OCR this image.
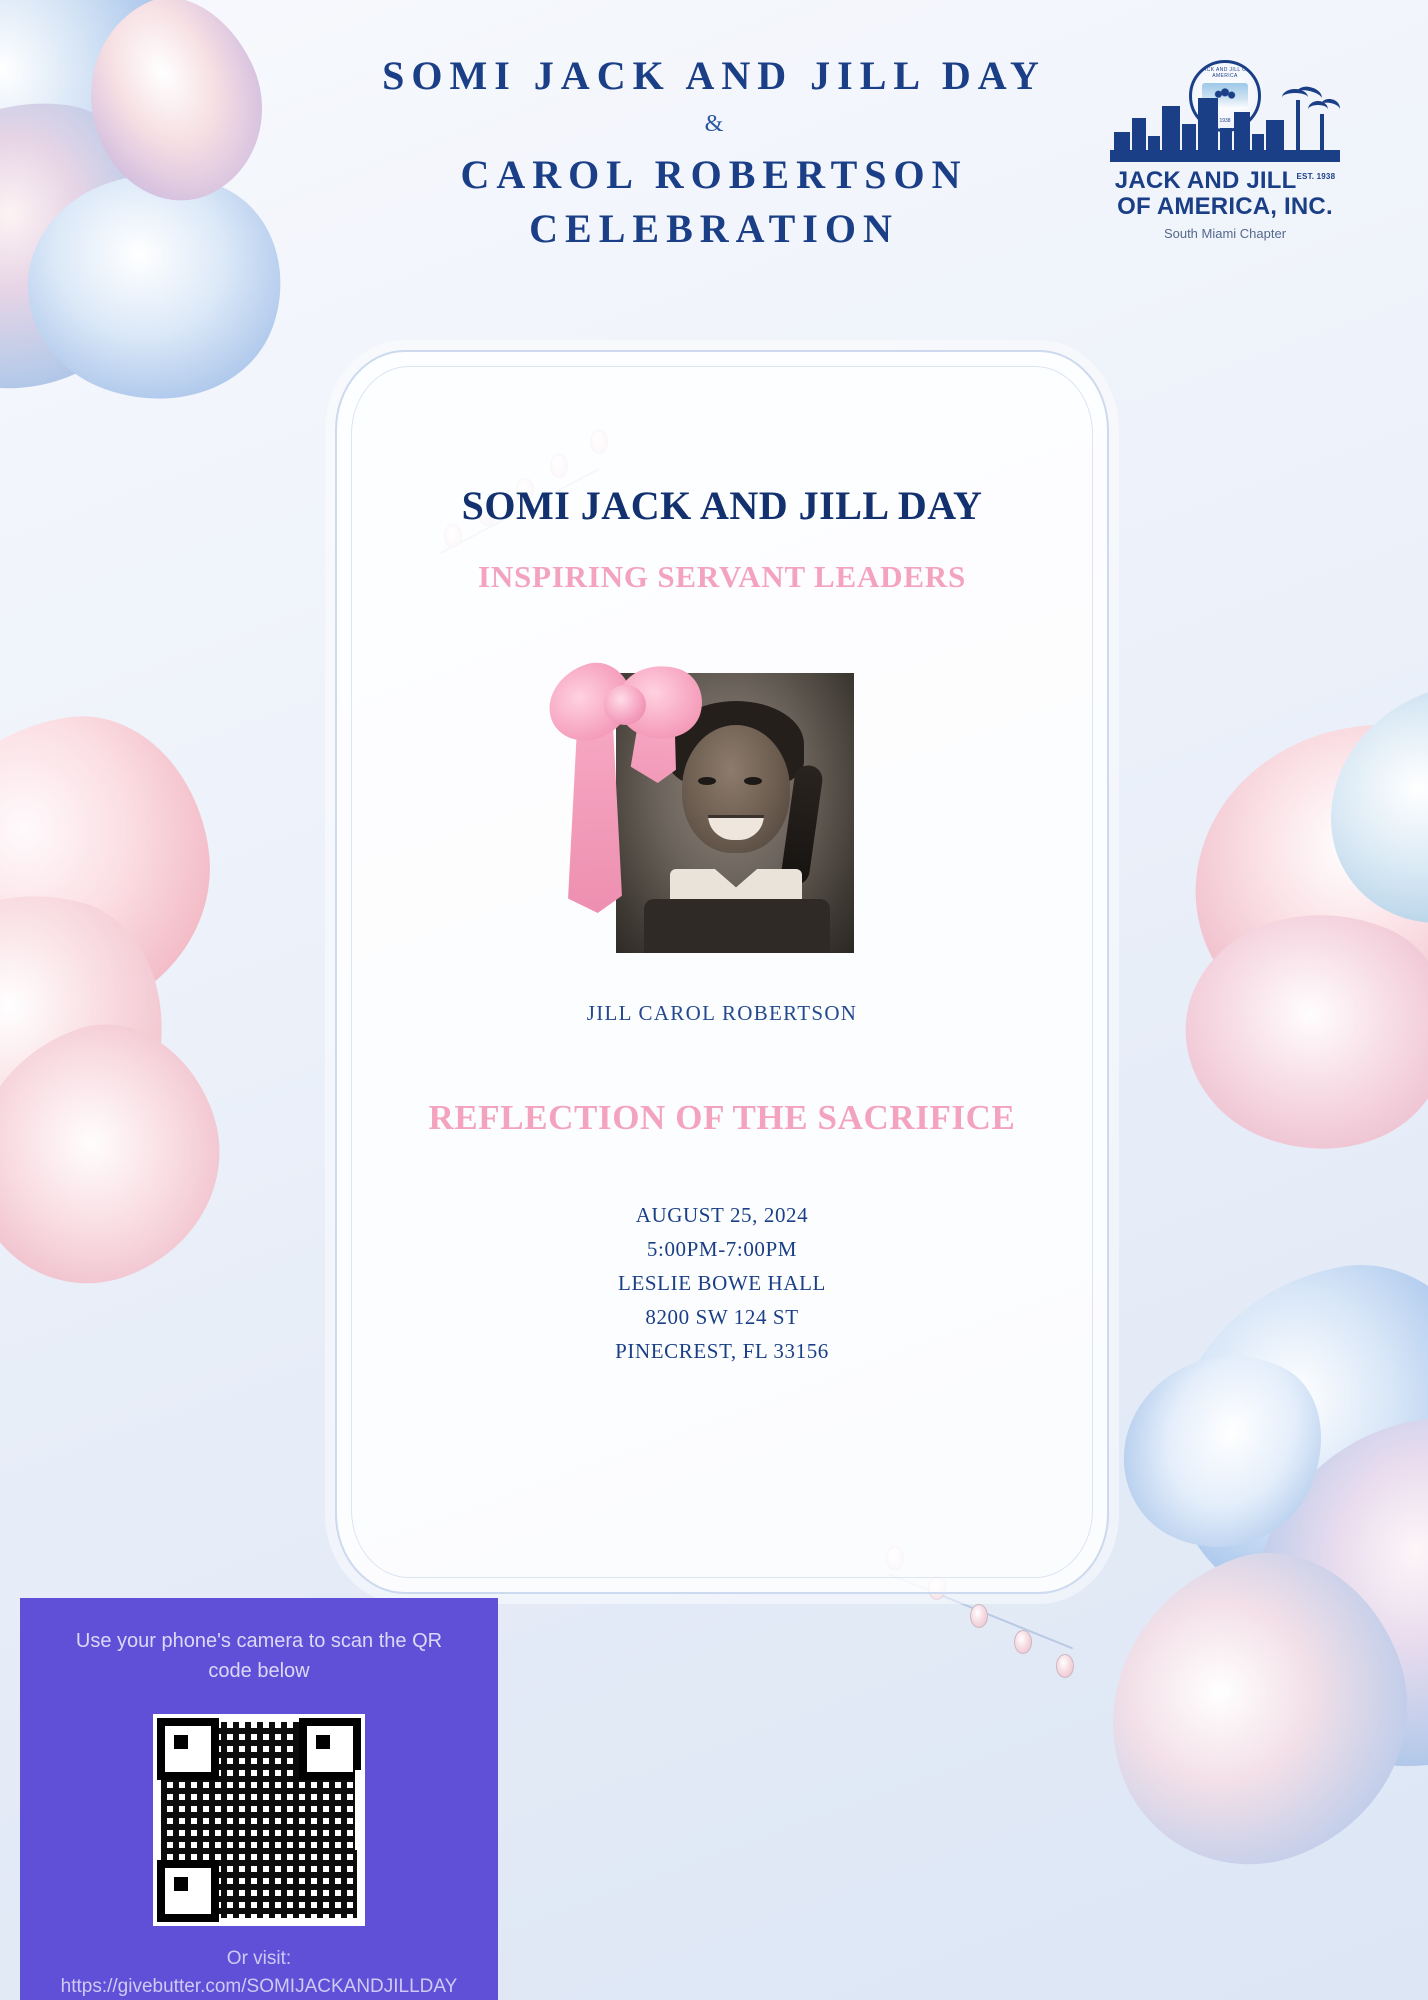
SOMI JACK AND JILL DAY
&
CAROL ROBERTSON
CELEBRATION
JACK AND JILL OF AMERICA
1938
JACK AND JILLEST. 1938
OF AMERICA, INC.
South Miami Chapter
SOMI JACK AND JILL DAY
INSPIRING SERVANT LEADERS
JILL CAROL ROBERTSON
REFLECTION OF THE SACRIFICE
AUGUST 25, 2024
5:00PM-7:00PM
LESLIE BOWE HALL
8200 SW 124 ST
PINECREST, FL 33156
Use your phone's camera to scan the QR code below
Or visit:
https://givebutter.com/SOMIJACKANDJILLDAY
